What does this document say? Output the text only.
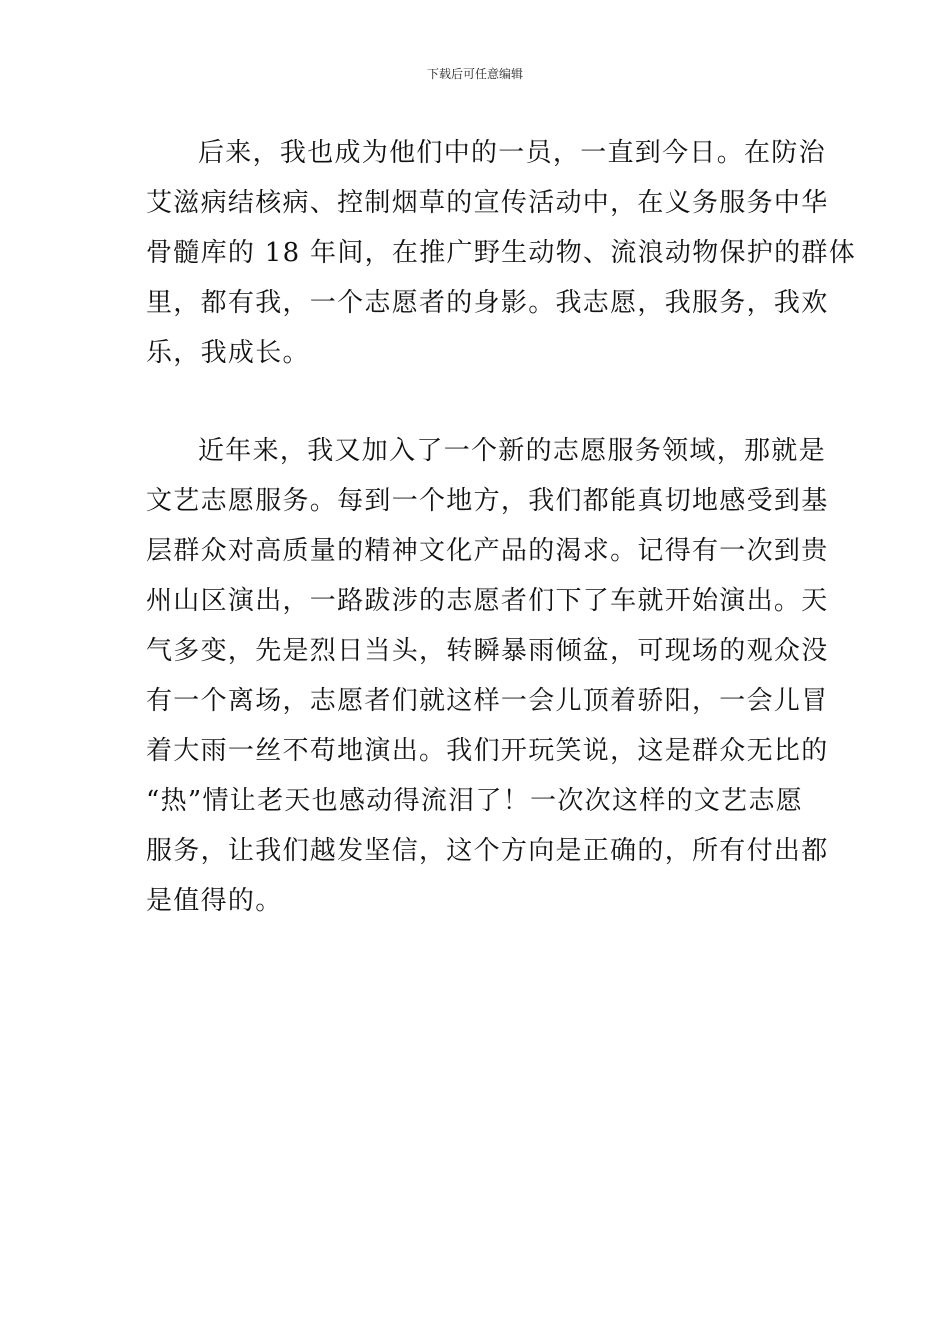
下载后可任意编辑
后来，我也成为他们中的一员，一直到今日。在防治
艾滋病结核病、控制烟草的宣传活动中，在义务服务中华
骨髓库的 18 年间，在推广野生动物、流浪动物保护的群体
里，都有我，一个志愿者的身影。我志愿，我服务，我欢
乐，我成长。
近年来，我又加入了一个新的志愿服务领域，那就是
文艺志愿服务。每到一个地方，我们都能真切地感受到基
层群众对高质量的精神文化产品的渴求。记得有一次到贵
州山区演出，一路跋涉的志愿者们下了车就开始演出。天
气多变，先是烈日当头，转瞬暴雨倾盆，可现场的观众没
有一个离场，志愿者们就这样一会儿顶着骄阳，一会儿冒
着大雨一丝不苟地演出。我们开玩笑说，这是群众无比的
“热”情让老天也感动得流泪了！一次次这样的文艺志愿
服务，让我们越发坚信，这个方向是正确的，所有付出都
是值得的。
